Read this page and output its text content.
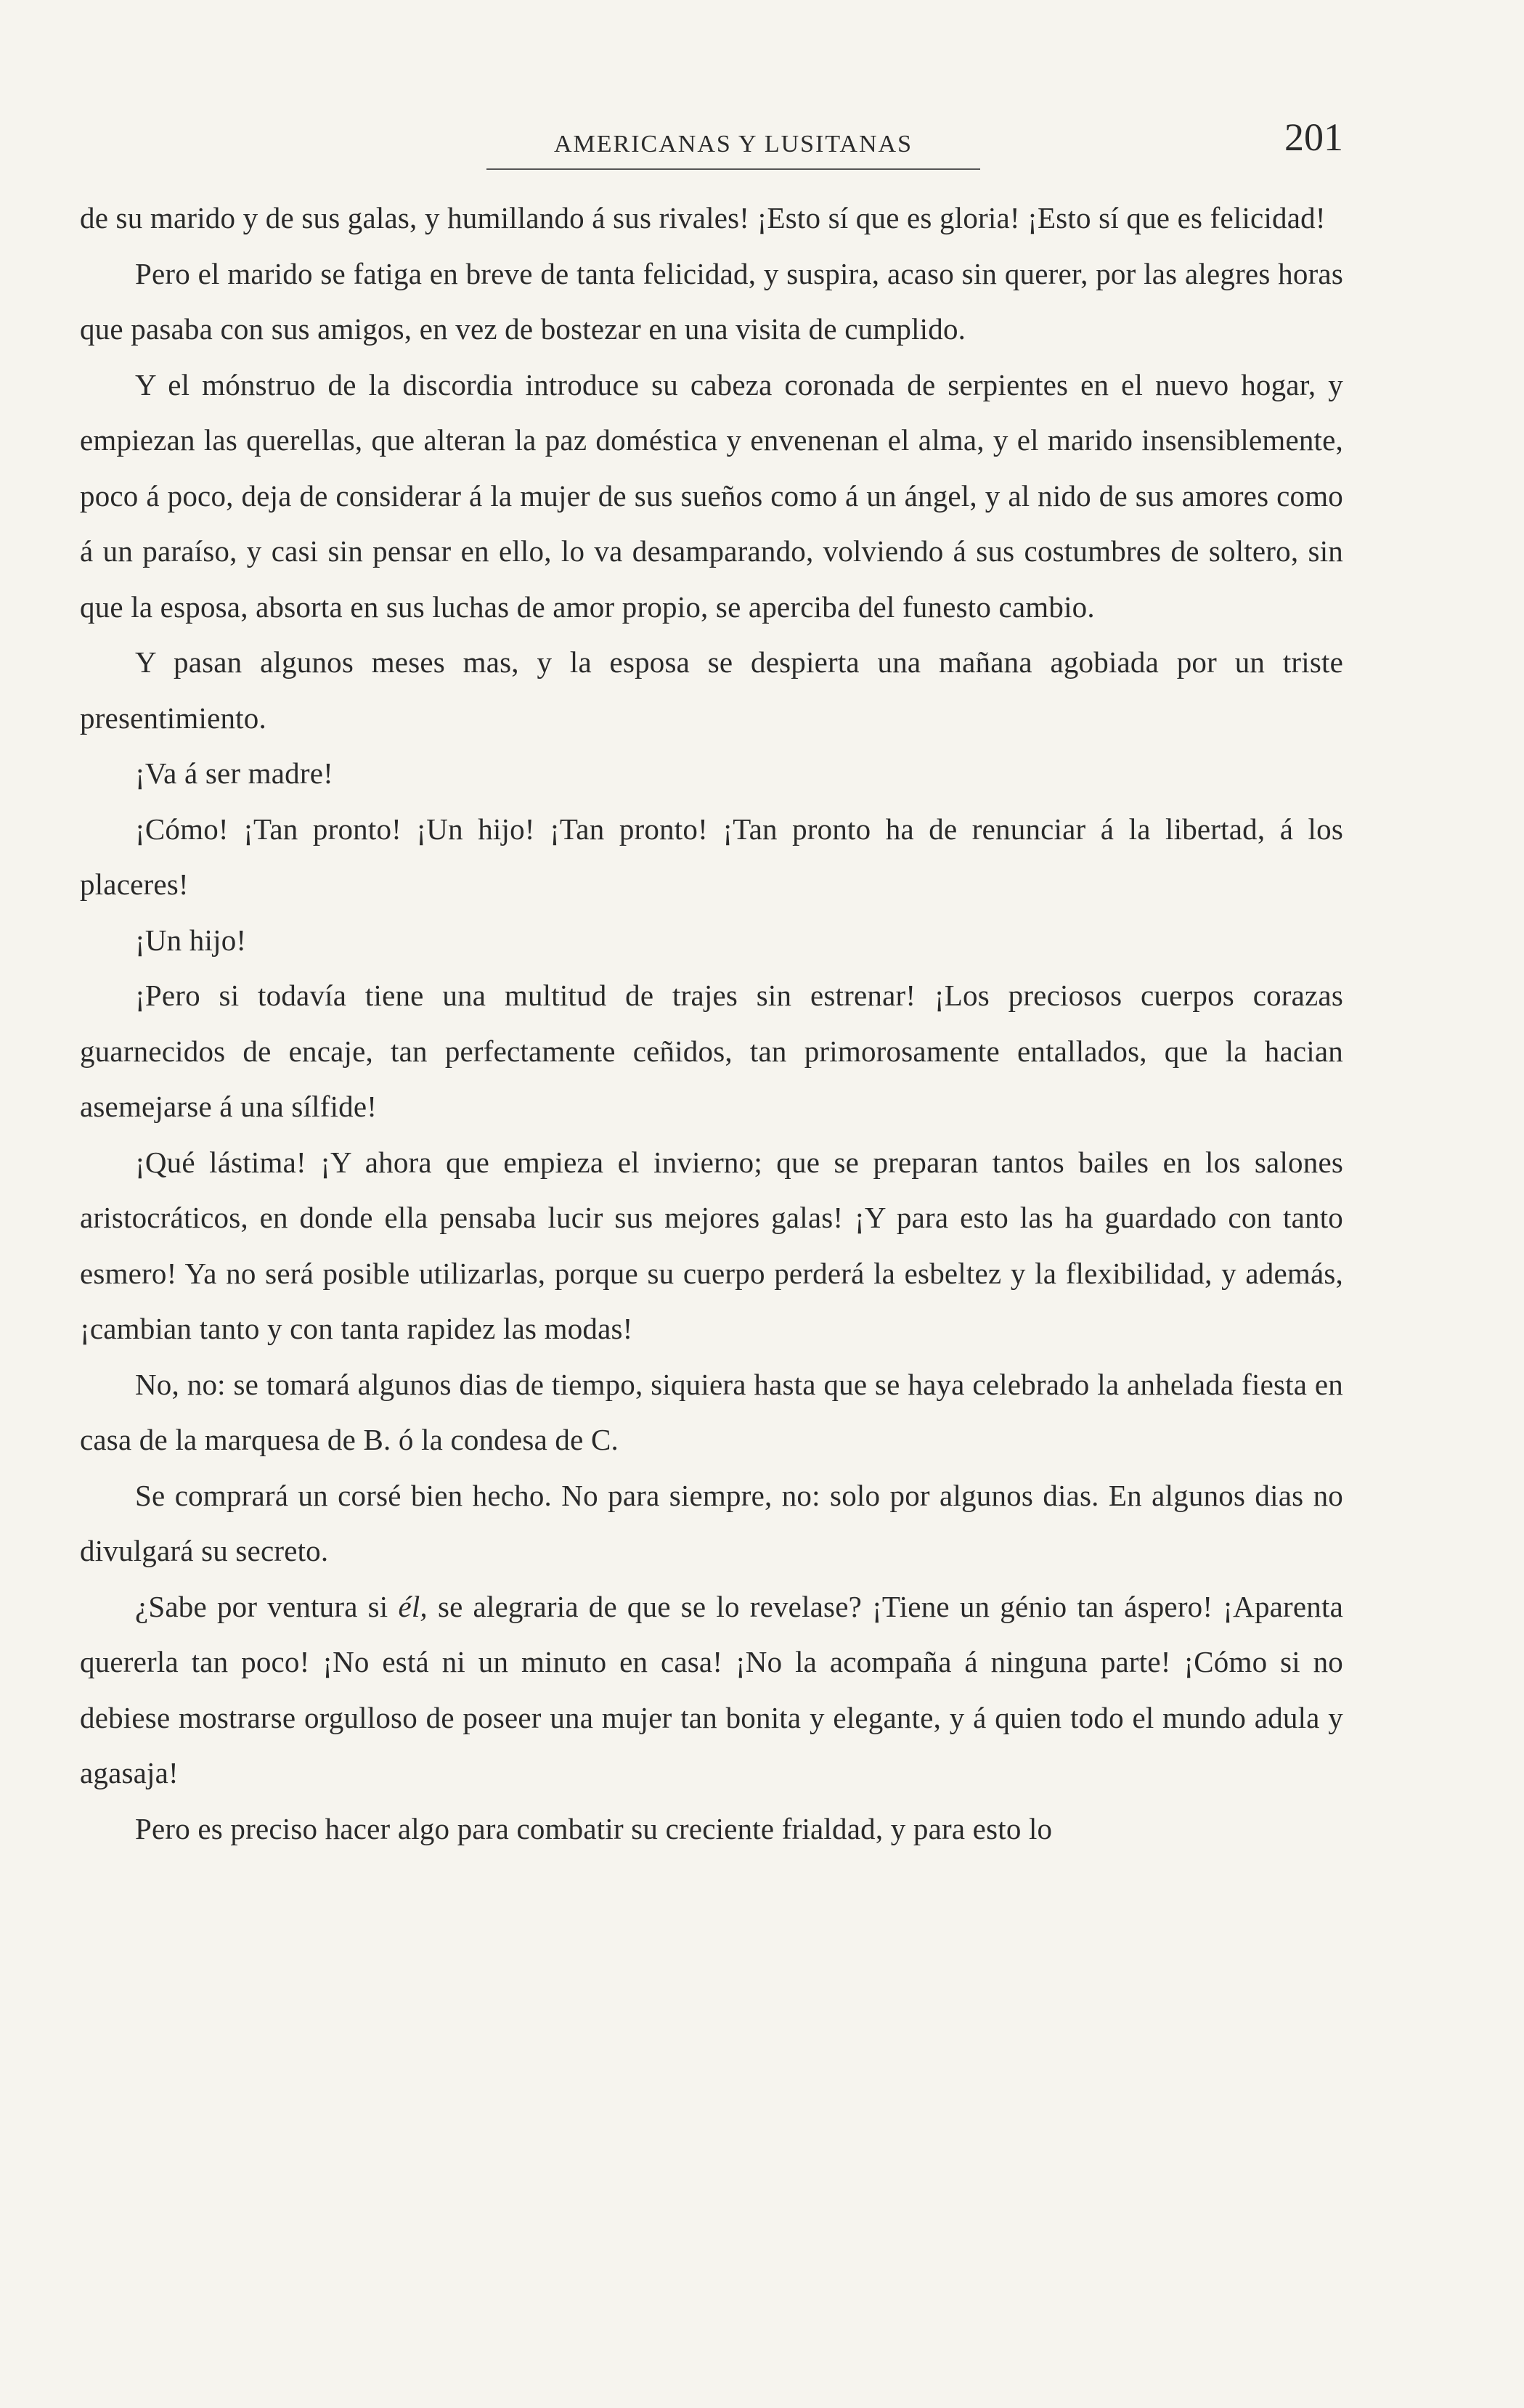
AMERICANAS Y LUSITANAS	201

de su marido y de sus galas, y humillando á sus rivales! ¡Esto sí que es gloria! ¡Esto sí que es felicidad!

Pero el marido se fatiga en breve de tanta felicidad, y suspira, acaso sin querer, por las alegres horas que pasaba con sus amigos, en vez de bostezar en una visita de cumplido.

Y el mónstruo de la discordia introduce su cabeza coronada de serpientes en el nuevo hogar, y empiezan las querellas, que alteran la paz doméstica y envenenan el alma, y el marido insensiblemente, poco á poco, deja de considerar á la mujer de sus sueños como á un ángel, y al nido de sus amores como á un paraíso, y casi sin pensar en ello, lo va desamparando, volviendo á sus costumbres de soltero, sin que la esposa, absorta en sus luchas de amor propio, se aperciba del funesto cambio.

Y pasan algunos meses mas, y la esposa se despierta una mañana agobiada por un triste presentimiento.

¡Va á ser madre!

¡Cómo! ¡Tan pronto! ¡Un hijo! ¡Tan pronto! ¡Tan pronto ha de renunciar á la libertad, á los placeres!

¡Un hijo!

¡Pero si todavía tiene una multitud de trajes sin estrenar! ¡Los preciosos cuerpos corazas guarnecidos de encaje, tan perfectamente ceñidos, tan primorosamente entallados, que la hacian asemejarse á una sílfide!

¡Qué lástima! ¡Y ahora que empieza el invierno; que se preparan tantos bailes en los salones aristocráticos, en donde ella pensaba lucir sus mejores galas! ¡Y para esto las ha guardado con tanto esmero! Ya no será posible utilizarlas, porque su cuerpo perderá la esbeltez y la flexibilidad, y además, ¡cambian tanto y con tanta rapidez las modas!

No, no: se tomará algunos dias de tiempo, siquiera hasta que se haya celebrado la anhelada fiesta en casa de la marquesa de B. ó la condesa de C.

Se comprará un corsé bien hecho. No para siempre, no: solo por algunos dias. En algunos dias no divulgará su secreto.

¿Sabe por ventura si él, se alegraria de que se lo revelase? ¡Tiene un génio tan áspero! ¡Aparenta quererla tan poco! ¡No está ni un minuto en casa! ¡No la acompaña á ninguna parte! ¡Cómo si no debiese mostrarse orgulloso de poseer una mujer tan bonita y elegante, y á quien todo el mundo adula y agasaja!

Pero es preciso hacer algo para combatir su creciente frialdad, y para esto lo
